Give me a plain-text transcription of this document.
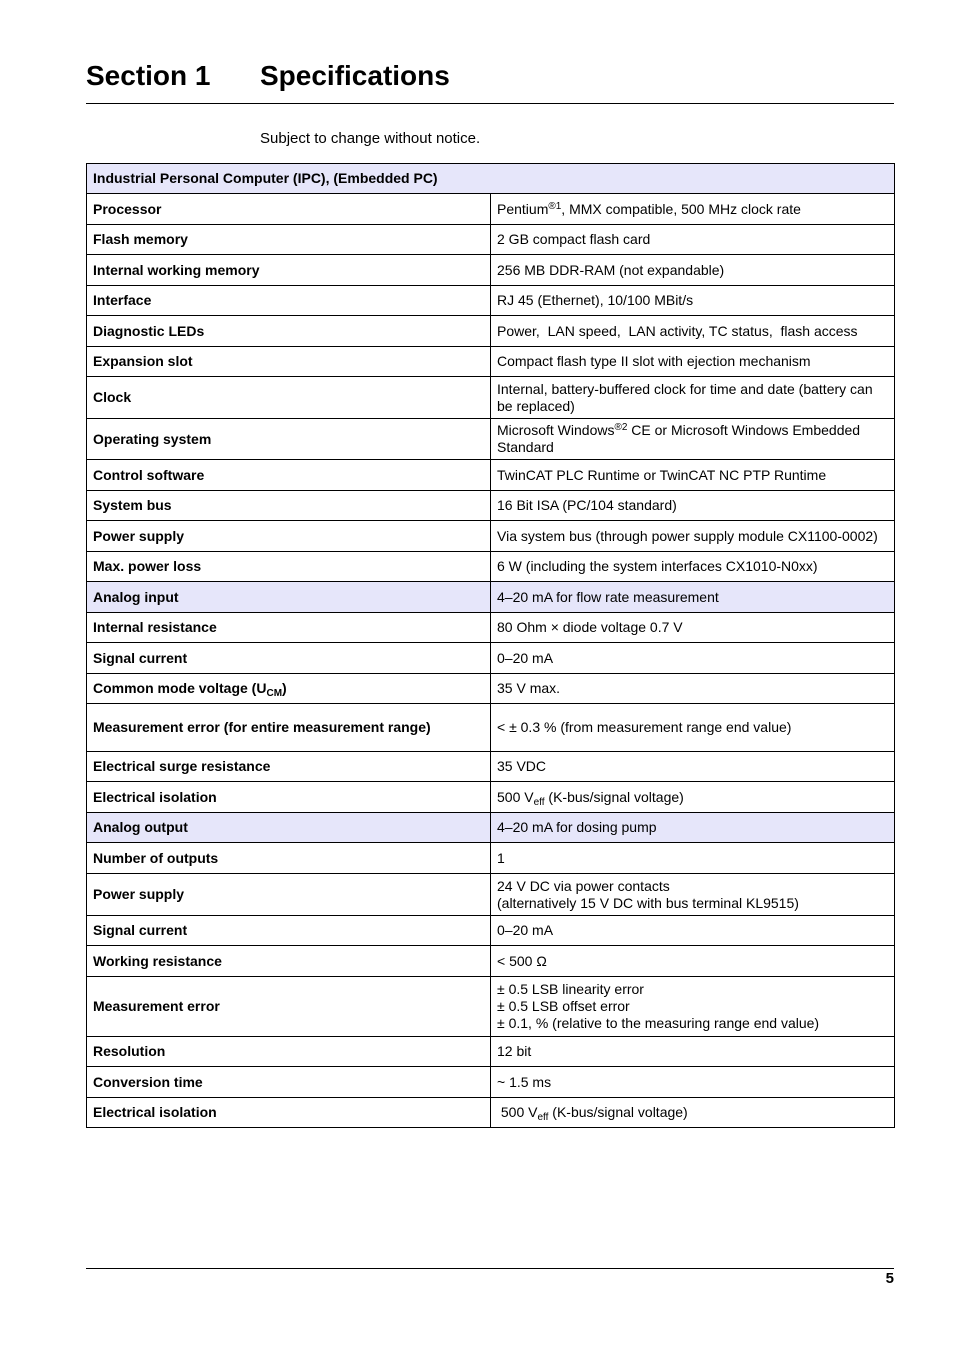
Section 1 Specifications
Subject to change without notice.
Industrial Personal Computer (IPC), (Embedded PC)	
Processor	Pentium$^{®1}$, MMX compatible, 500 MHz clock rate

Flash memory	2 GB compact flash card

Internal working memory	256 MB DDR-RAM (not expandable)

Interface	RJ 45 (Ethernet), 10/100 MBit/s

Diagnostic LEDs	Power,  LAN speed,  LAN activity, TC status,  flash access

Expansion slot	Compact flash type II slot with ejection mechanism

Clock	Internal, battery-buffered clock for time and date (battery can be replaced)

Operating system	Microsoft Windows$^{®2}$ CE or Microsoft Windows Embedded Standard

Control software	TwinCAT PLC Runtime or TwinCAT NC PTP Runtime

System bus	16 Bit ISA (PC/104 standard)

Power supply	Via system bus (through power supply module CX1100-0002)

Max. power loss	6 W (including the system interfaces CX1010-N0xx)

Analog input	4–20 mA for flow rate measurement

Internal resistance	80 Ohm × diode voltage 0.7 V

Signal current	0–20 mA

Common mode voltage $(U_{CM})$	35 V max.

Measurement error (for entire measurement range)	< ± 0.3 % (from measurement range end value)

Electrical surge resistance	35 VDC

Electrical isolation	500 $V_{eff}$ (K-bus/signal voltage)

Analog output	4–20 mA for dosing pump

Number of outputs	1

Power supply	24 V DC via power contacts
(alternatively 15 V DC with bus terminal KL9515)

Signal current	0–20 mA

Working resistance	< 500 Ω

Measurement error	± 0.5 LSB linearity error
± 0.5 LSB offset error
± 0.1, % (relative to the measuring range end value)

Resolution	12 bit

Conversion time	~ 1.5 ms

Electrical isolation	500 $V_{eff}$ (K-bus/signal voltage)
5
